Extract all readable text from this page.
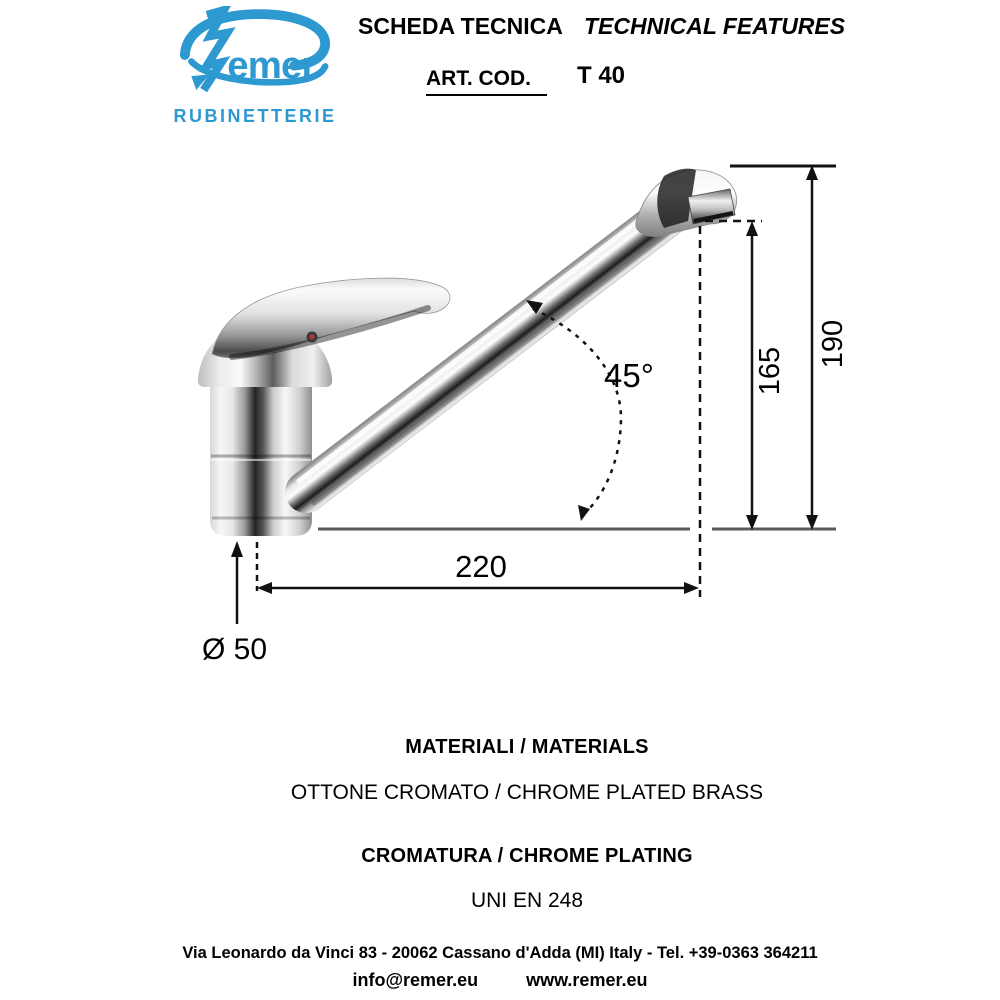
emer
RUBINETTERIE
SCHEDA TECNICA TECHNICAL FEATURES
ART. COD.	T 40
190
165
220
45°
Ø 50
MATERIALI / MATERIALS
OTTONE CROMATO / CHROME PLATED BRASS
CROMATURA / CHROME PLATING
UNI EN 248
Via Leonardo da Vinci 83 - 20062 Cassano d'Adda (MI) Italy - Tel. +39-0363 364211
info@remer.eu	www.remer.eu
